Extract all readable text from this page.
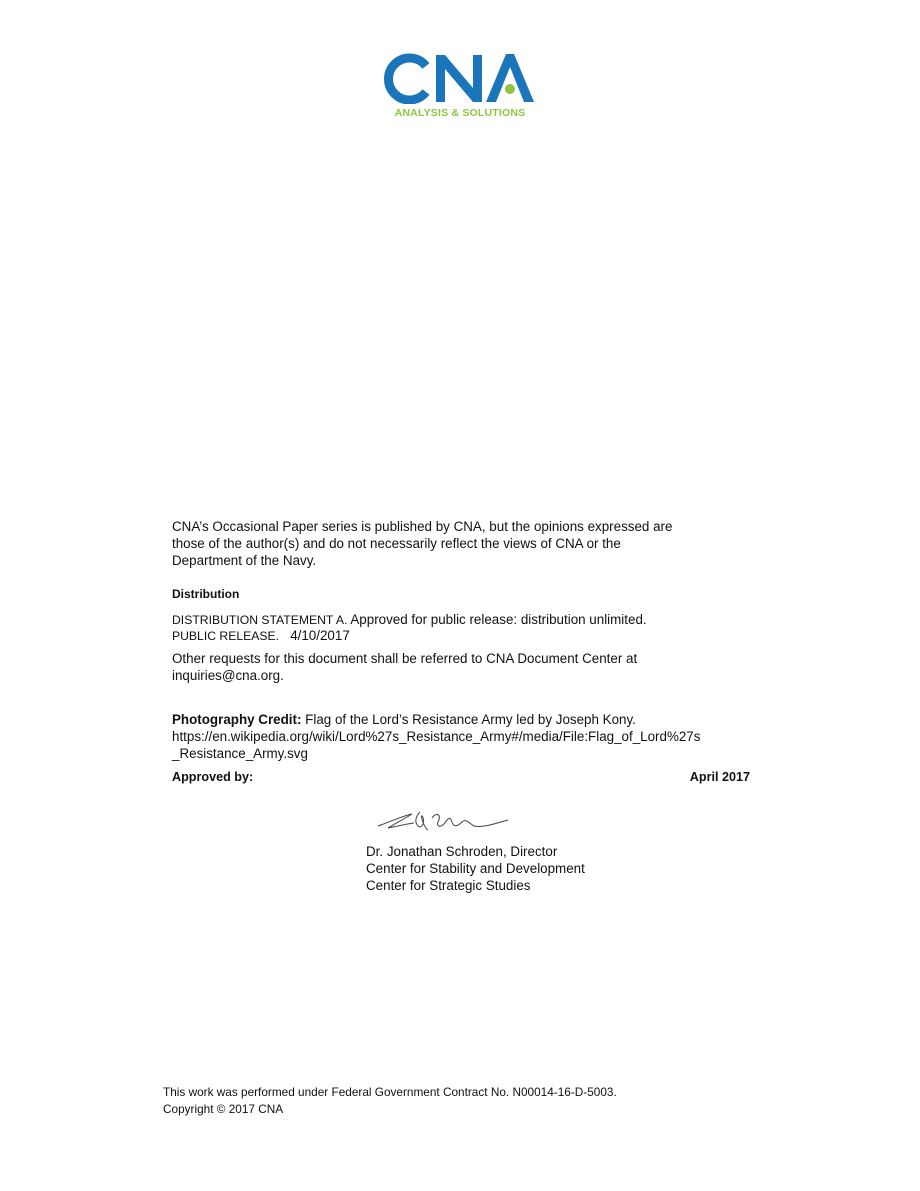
ANALYSIS & SOLUTIONS
CNA’s Occasional Paper series is published by CNA, but the opinions expressed are
those of the author(s) and do not necessarily reflect the views of CNA or the
Department of the Navy.
Distribution
DISTRIBUTION STATEMENT A. Approved for public release: distribution unlimited.
PUBLIC RELEASE.   4/10/2017
Other requests for this document shall be referred to CNA Document Center at
inquiries@cna.org.
Photography Credit: Flag of the Lord’s Resistance Army led by Joseph Kony.
https://en.wikipedia.org/wiki/Lord%27s_Resistance_Army#/media/File:Flag_of_Lord%27s
_Resistance_Army.svg
Approved by:	April 2017
Dr. Jonathan Schroden, Director
Center for Stability and Development
Center for Strategic Studies
This work was performed under Federal Government Contract No. N00014-16-D-5003.
Copyright © 2017 CNA
